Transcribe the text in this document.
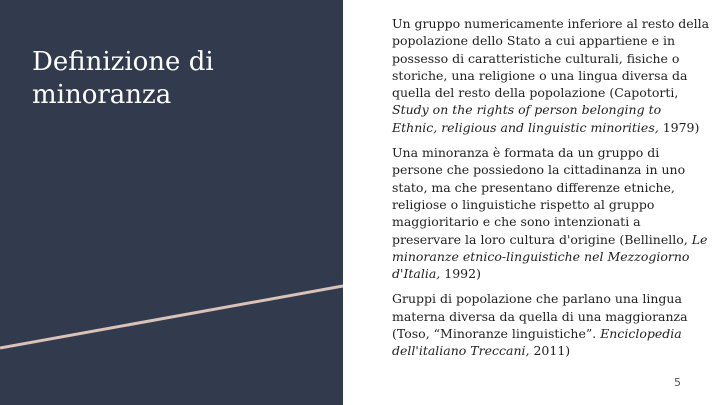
Definizione di minoranza

Un gruppo numericamente inferiore al resto della popolazione dello Stato a cui appartiene e in possesso di caratteristiche culturali, fisiche o storiche, una religione o una lingua diversa da quella del resto della popolazione (Capotorti, Study on the rights of person belonging to Ethnic, religious and linguistic minorities, 1979)

Una minoranza è formata da un gruppo di persone che possiedono la cittadinanza in uno stato, ma che presentano differenze etniche, religiose o linguistiche rispetto al gruppo maggioritario e che sono intenzionati a preservare la loro cultura d'origine (Bellinello, Le minoranze etnico-linguistiche nel Mezzogiorno d'Italia, 1992)

Gruppi di popolazione che parlano una lingua materna diversa da quella di una maggioranza (Toso, “Minoranze linguistiche”. Enciclopedia dell'italiano Treccani, 2011)

5
